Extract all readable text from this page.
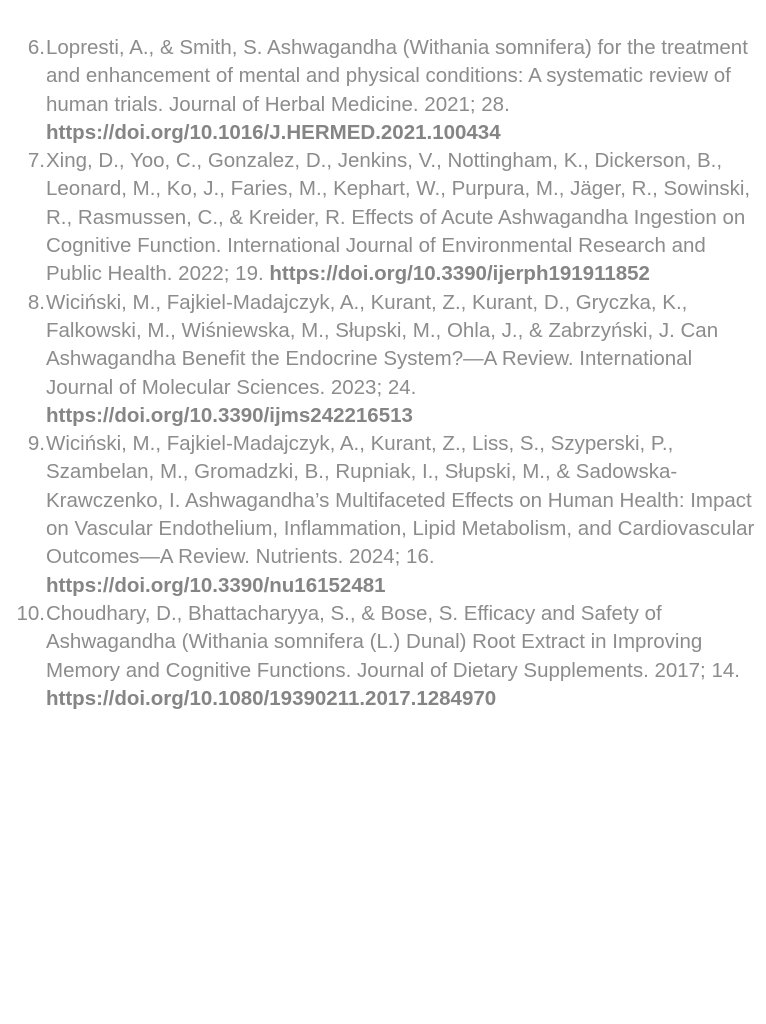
6. Lopresti, A., & Smith, S. Ashwagandha (Withania somnifera) for the treatment and enhancement of mental and physical conditions: A systematic review of human trials. Journal of Herbal Medicine. 2021; 28. https://doi.org/10.1016/J.HERMED.2021.100434
7. Xing, D., Yoo, C., Gonzalez, D., Jenkins, V., Nottingham, K., Dickerson, B., Leonard, M., Ko, J., Faries, M., Kephart, W., Purpura, M., Jäger, R., Sowinski, R., Rasmussen, C., & Kreider, R. Effects of Acute Ashwagandha Ingestion on Cognitive Function. International Journal of Environmental Research and Public Health. 2022; 19. https://doi.org/10.3390/ijerph191911852
8. Wiciński, M., Fajkiel-Madajczyk, A., Kurant, Z., Kurant, D., Gryczka, K., Falkowski, M., Wiśniewska, M., Słupski, M., Ohla, J., & Zabrzyński, J. Can Ashwagandha Benefit the Endocrine System?—A Review. International Journal of Molecular Sciences. 2023; 24. https://doi.org/10.3390/ijms242216513
9. Wiciński, M., Fajkiel-Madajczyk, A., Kurant, Z., Liss, S., Szyperski, P., Szambelan, M., Gromadzki, B., Rupniak, I., Słupski, M., & Sadowska-Krawczenko, I. Ashwagandha’s Multifaceted Effects on Human Health: Impact on Vascular Endothelium, Inflammation, Lipid Metabolism, and Cardiovascular Outcomes—A Review. Nutrients. 2024; 16. https://doi.org/10.3390/nu16152481
10. Choudhary, D., Bhattacharyya, S., & Bose, S. Efficacy and Safety of Ashwagandha (Withania somnifera (L.) Dunal) Root Extract in Improving Memory and Cognitive Functions. Journal of Dietary Supplements. 2017; 14. https://doi.org/10.1080/19390211.2017.1284970
